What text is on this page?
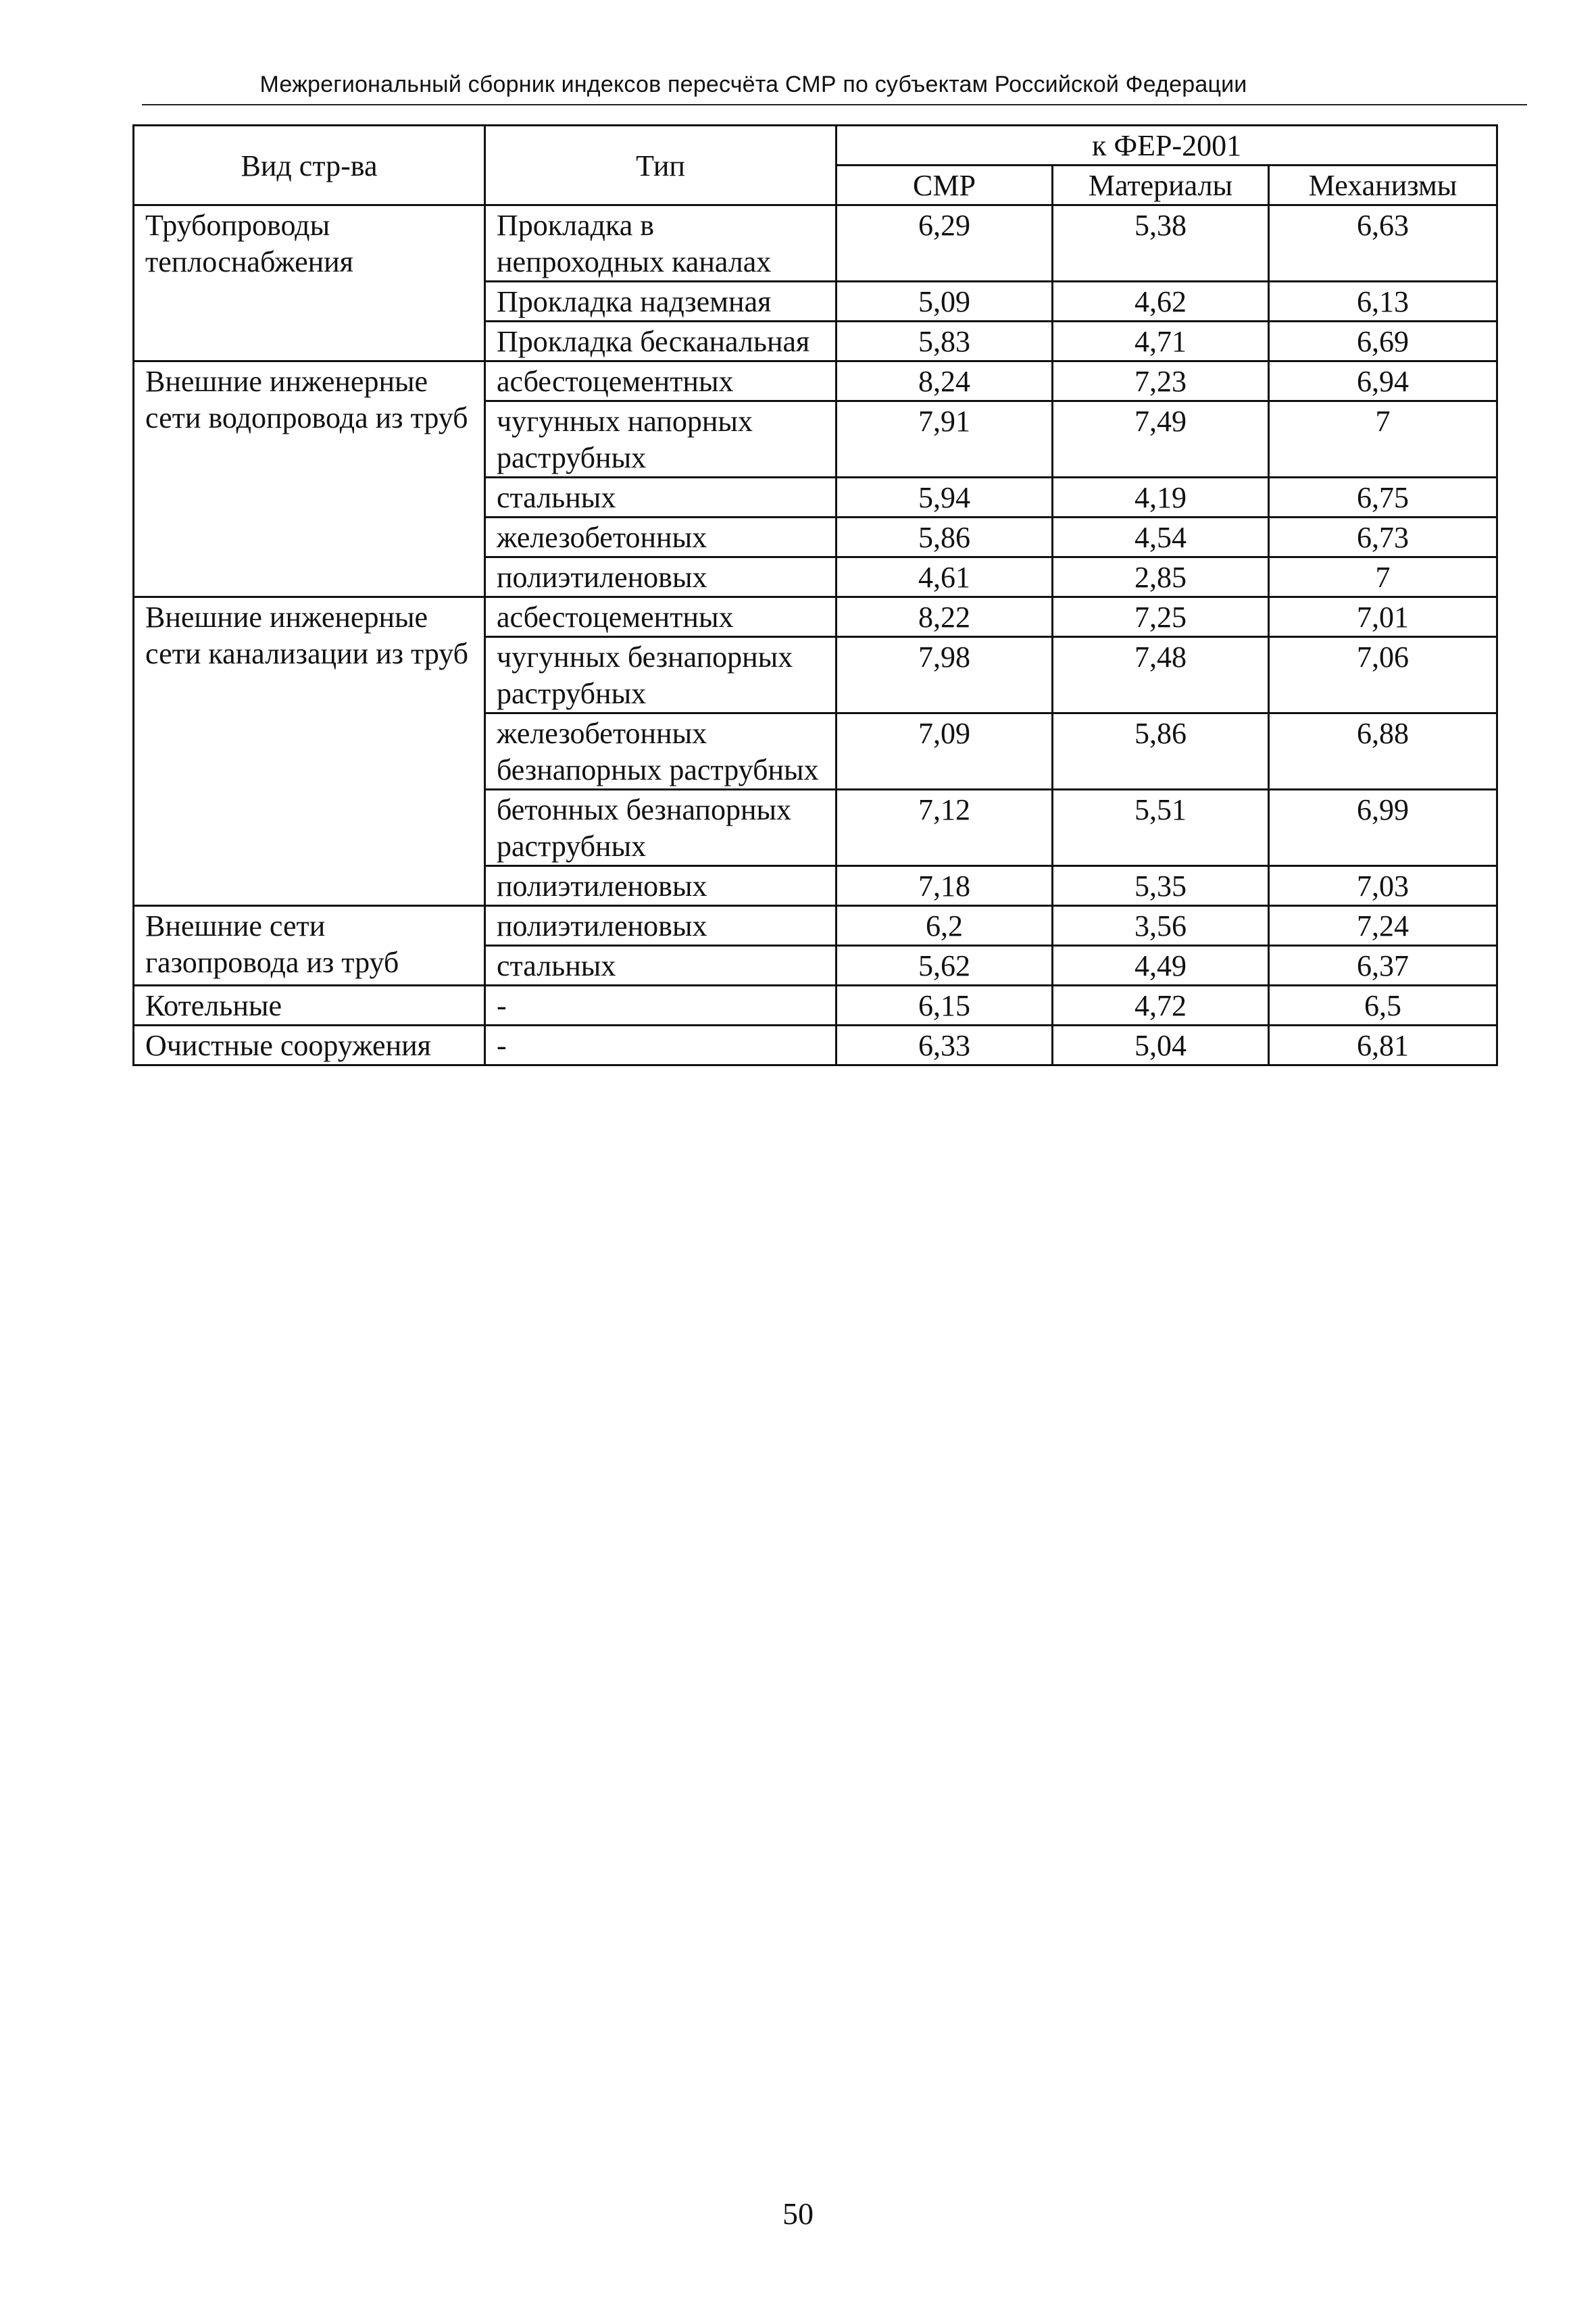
Межрегиональный сборник индексов пересчёта СМР по субъектам Российской Федерации
Вид стр-ва	Тип	к ФЕР-2001		
		СМР	Материалы	Механизмы
Трубопроводы теплоснабжения	Прокладка в непроходных каналах	6,29	5,38	6,63
	Прокладка надземная	5,09	4,62	6,13
	Прокладка бесканальная	5,83	4,71	6,69
Внешние инженерные сети водопровода из труб	асбестоцементных	8,24	7,23	6,94
	чугунных напорных раструбных	7,91	7,49	7
	стальных	5,94	4,19	6,75
	железобетонных	5,86	4,54	6,73
	полиэтиленовых	4,61	2,85	7
Внешние инженерные сети канализации из труб	асбестоцементных	8,22	7,25	7,01
	чугунных безнапорных раструбных	7,98	7,48	7,06
	железобетонных безнапорных раструбных	7,09	5,86	6,88
	бетонных безнапорных раструбных	7,12	5,51	6,99
	полиэтиленовых	7,18	5,35	7,03
Внешние сети газопровода из труб	полиэтиленовых	6,2	3,56	7,24
	стальных	5,62	4,49	6,37
Котельные	-	6,15	4,72	6,5
Очистные сооружения	-	6,33	5,04	6,81
50
